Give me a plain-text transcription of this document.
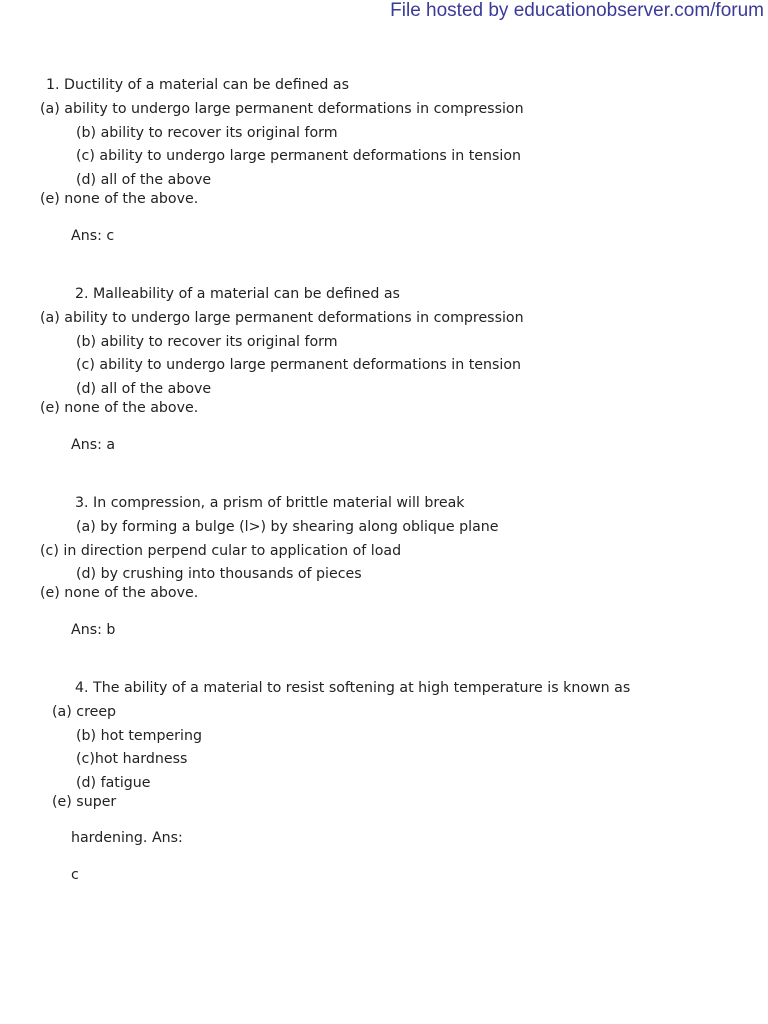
File hosted by educationobserver.com/forum
1. Ductility of a material can be defined as
(a) ability to undergo large permanent deformations in compression
(b) ability to recover its original form
(c) ability to undergo large permanent deformations in tension
(d) all of the above
(e) none of the above.
Ans: c
2. Malleability of a material can be defined as
(a) ability to undergo large permanent deformations in compression
(b) ability to recover its original form
(c) ability to undergo large permanent deformations in tension
(d) all of the above
(e) none of the above.
Ans: a
3. In compression, a prism of brittle material will break
(a) by forming a bulge (l>) by shearing along oblique plane
(c) in direction perpend cular to application of load
(d) by crushing into thousands of pieces
(e) none of the above.
Ans: b
4. The ability of a material to resist softening at high temperature is known as
(a) creep
(b) hot tempering
(c)hot hardness
(d) fatigue
(e) super
hardening. Ans:
c
